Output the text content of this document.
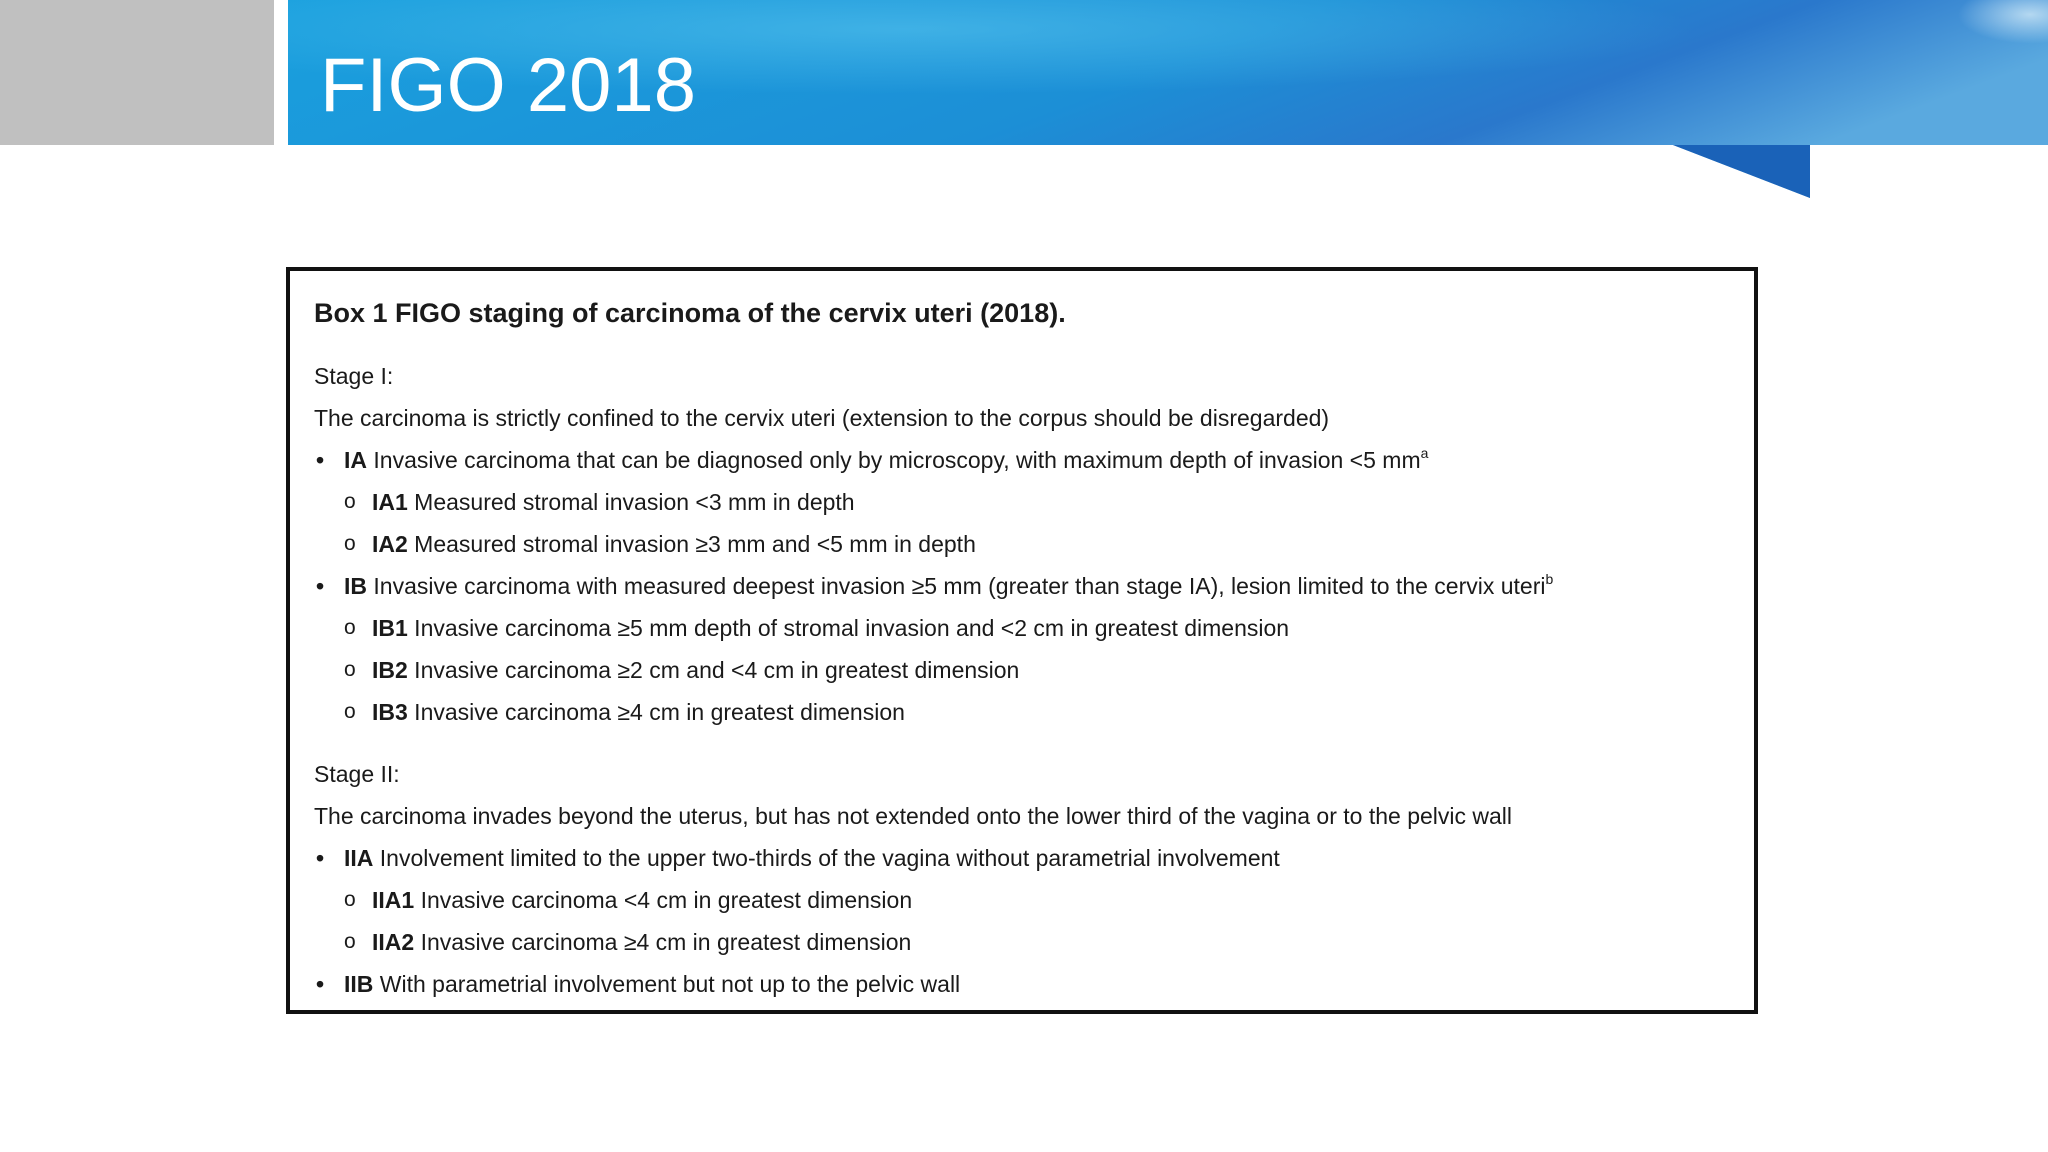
FIGO 2018

Box 1 FIGO staging of carcinoma of the cervix uteri (2018).

Stage I:

The carcinoma is strictly confined to the cervix uteri (extension to the corpus should be disregarded)

• IA Invasive carcinoma that can be diagnosed only by microscopy, with maximum depth of invasion <5 $mm^a$
o IA1 Measured stromal invasion <3 mm in depth
o IA2 Measured stromal invasion ≥3 mm and <5 mm in depth
• IB Invasive carcinoma with measured deepest invasion ≥5 mm (greater than stage IA), lesion limited to the cervix uteri$^b$
o IB1 Invasive carcinoma ≥5 mm depth of stromal invasion and <2 cm in greatest dimension
o IB2 Invasive carcinoma ≥2 cm and <4 cm in greatest dimension
o IB3 Invasive carcinoma ≥4 cm in greatest dimension

Stage II:

The carcinoma invades beyond the uterus, but has not extended onto the lower third of the vagina or to the pelvic wall

• IIA Involvement limited to the upper two-thirds of the vagina without parametrial involvement
o IIA1 Invasive carcinoma <4 cm in greatest dimension
o IIA2 Invasive carcinoma ≥4 cm in greatest dimension
• IIB With parametrial involvement but not up to the pelvic wall
